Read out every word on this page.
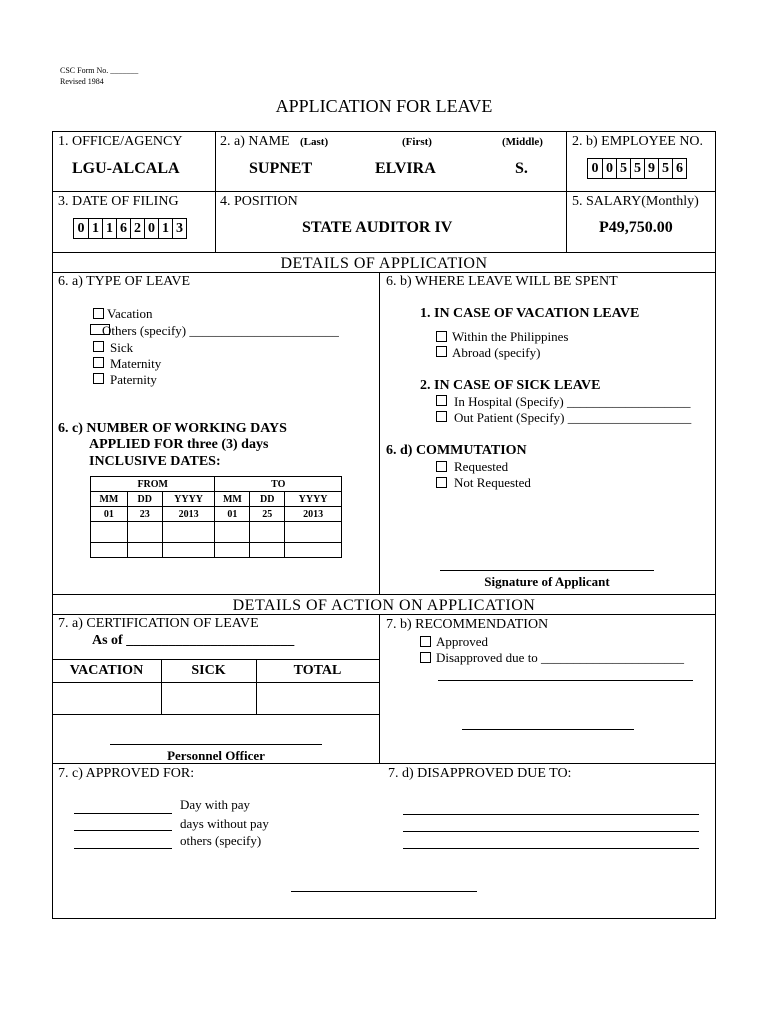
CSC Form No. _______
Revised 1984
APPLICATION FOR LEAVE
1. OFFICE/AGENCY
LGU-ALCALA
2. a) NAME (Last)	(First)	(Middle)
SUPNET	ELVIRA	S.
2. b) EMPLOYEE NO.
0 0 5 5 9 5 6
3. DATE OF FILING
0 1 1 6 2 0 1 3
4. POSITION
STATE AUDITOR IV
5. SALARY(Monthly)
P49,750.00
DETAILS OF APPLICATION
6. a) TYPE OF LEAVE
Vacation
Others (specify) _______________________
Sick
Maternity
Paternity
6. c) NUMBER OF WORKING DAYS
APPLIED FOR three (3) days
INCLUSIVE DATES:
FROM			TO		
MM	DD	YYYY	MM	DD	YYYY
01	23	2013	01	25	2013

6. b) WHERE LEAVE WILL BE SPENT
1. IN CASE OF VACATION LEAVE
Within the Philippines
Abroad (specify)
2. IN CASE OF SICK LEAVE
In Hospital (Specify) ___________________
Out Patient (Specify) ___________________
6. d) COMMUTATION
Requested
Not Requested
Signature of Applicant
DETAILS OF ACTION ON APPLICATION
7. a) CERTIFICATION OF LEAVE
As of ________________________
VACATION	SICK	TOTAL
Personnel Officer
7. b) RECOMMENDATION
Approved
Disapproved due to ______________________
7. c) APPROVED FOR:
Day with pay
days without pay
others (specify)
7. d) DISAPPROVED DUE TO:
